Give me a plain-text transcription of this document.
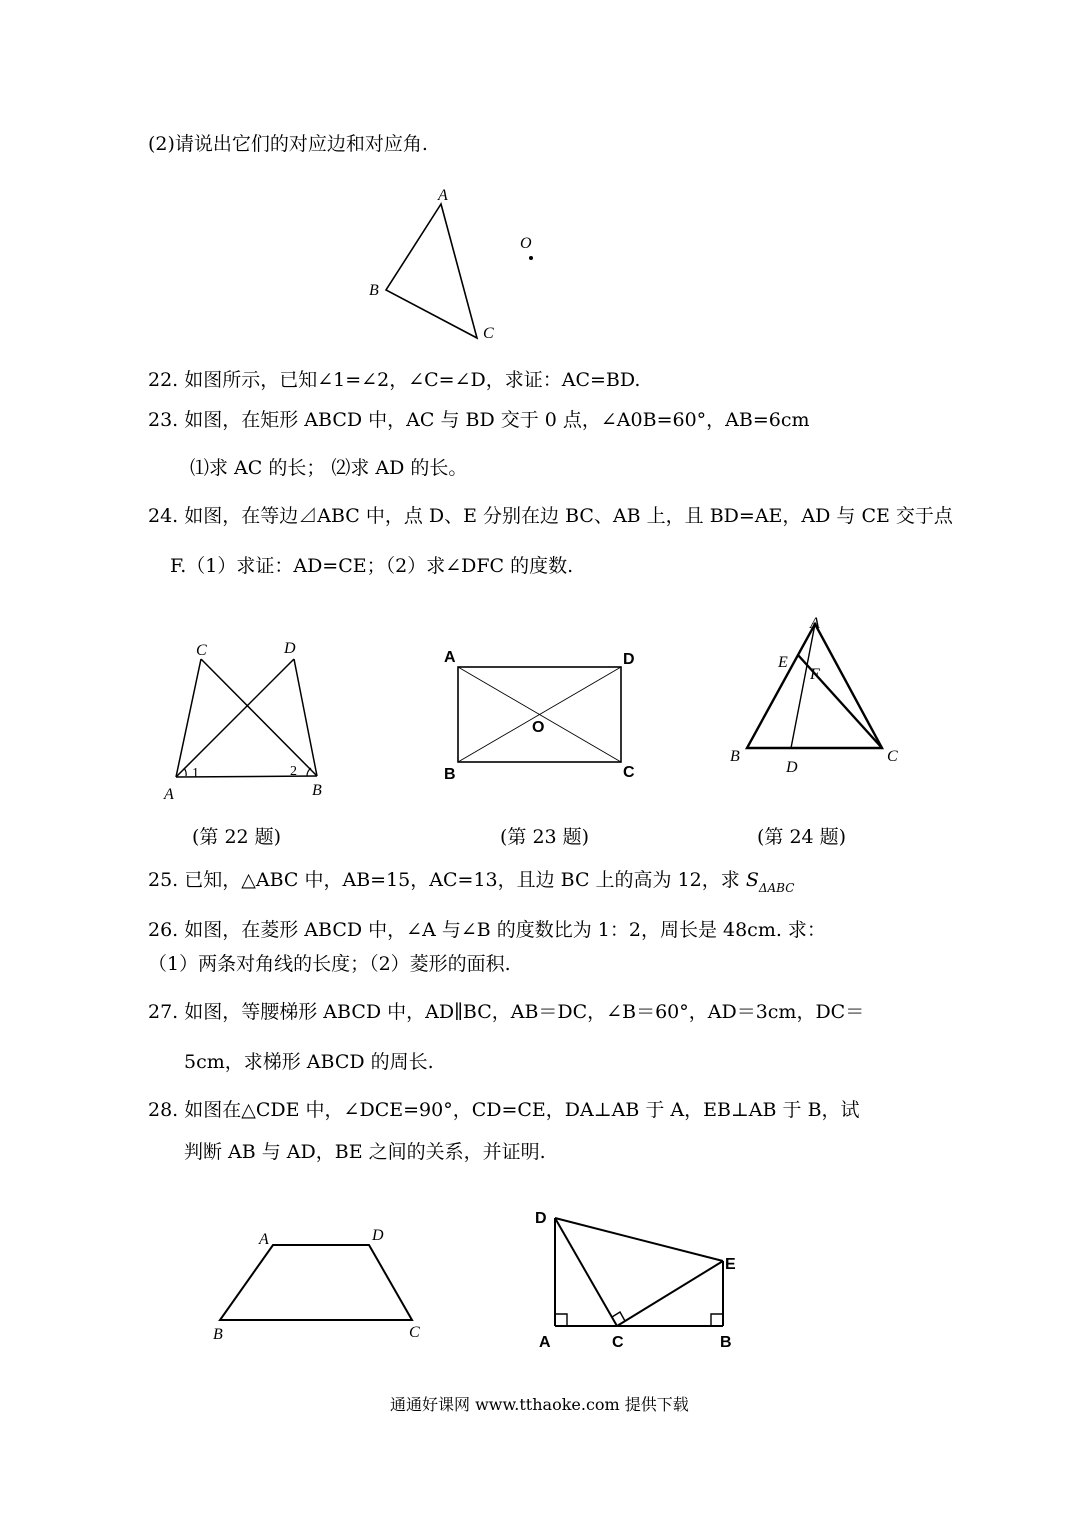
(2)请说出它们的对应边和对应角.
A
B
C
O
22. 如图所示，已知∠1=∠2，∠C=∠D，求证：AC=BD.
23. 如图，在矩形 ABCD 中，AC 与 BD 交于 0 点，∠A0B=60°，AB=6cm
⑴求 AC 的长； ⑵求 AD 的长。
24. 如图，在等边⊿ABC 中，点 D、E 分别在边 BC、AB 上，且 BD=AE，AD 与 CE 交于点
F.（1）求证：AD=CE；（2）求∠DFC 的度数.
A	B
C	D
1	2
A	D
B	C
O
A
E
F
B
D
C
(第 22 题)	(第 23 题)	(第 24 题)
25. 已知，△ABC 中，AB=15，AC=13，且边 BC 上的高为 12，求 $S_{\Delta ABC}$
26. 如图，在菱形 ABCD 中，∠A 与∠B 的度数比为 1：2，周长是 48cm. 求：
（1）两条对角线的长度；（2）菱形的面积.
27. 如图，等腰梯形 ABCD 中，AD∥BC，AB＝DC，∠B＝60°，AD＝3cm，DC＝
5cm，求梯形 ABCD 的周长.
28. 如图在△CDE 中，∠DCE=90°，CD=CE，DA⊥AB 于 A，EB⊥AB 于 B，试
判断 AB 与 AD，BE 之间的关系，并证明.
A	D
B	C
D
E
A	C	B
通通好课网 www.tthaoke.com 提供下载
